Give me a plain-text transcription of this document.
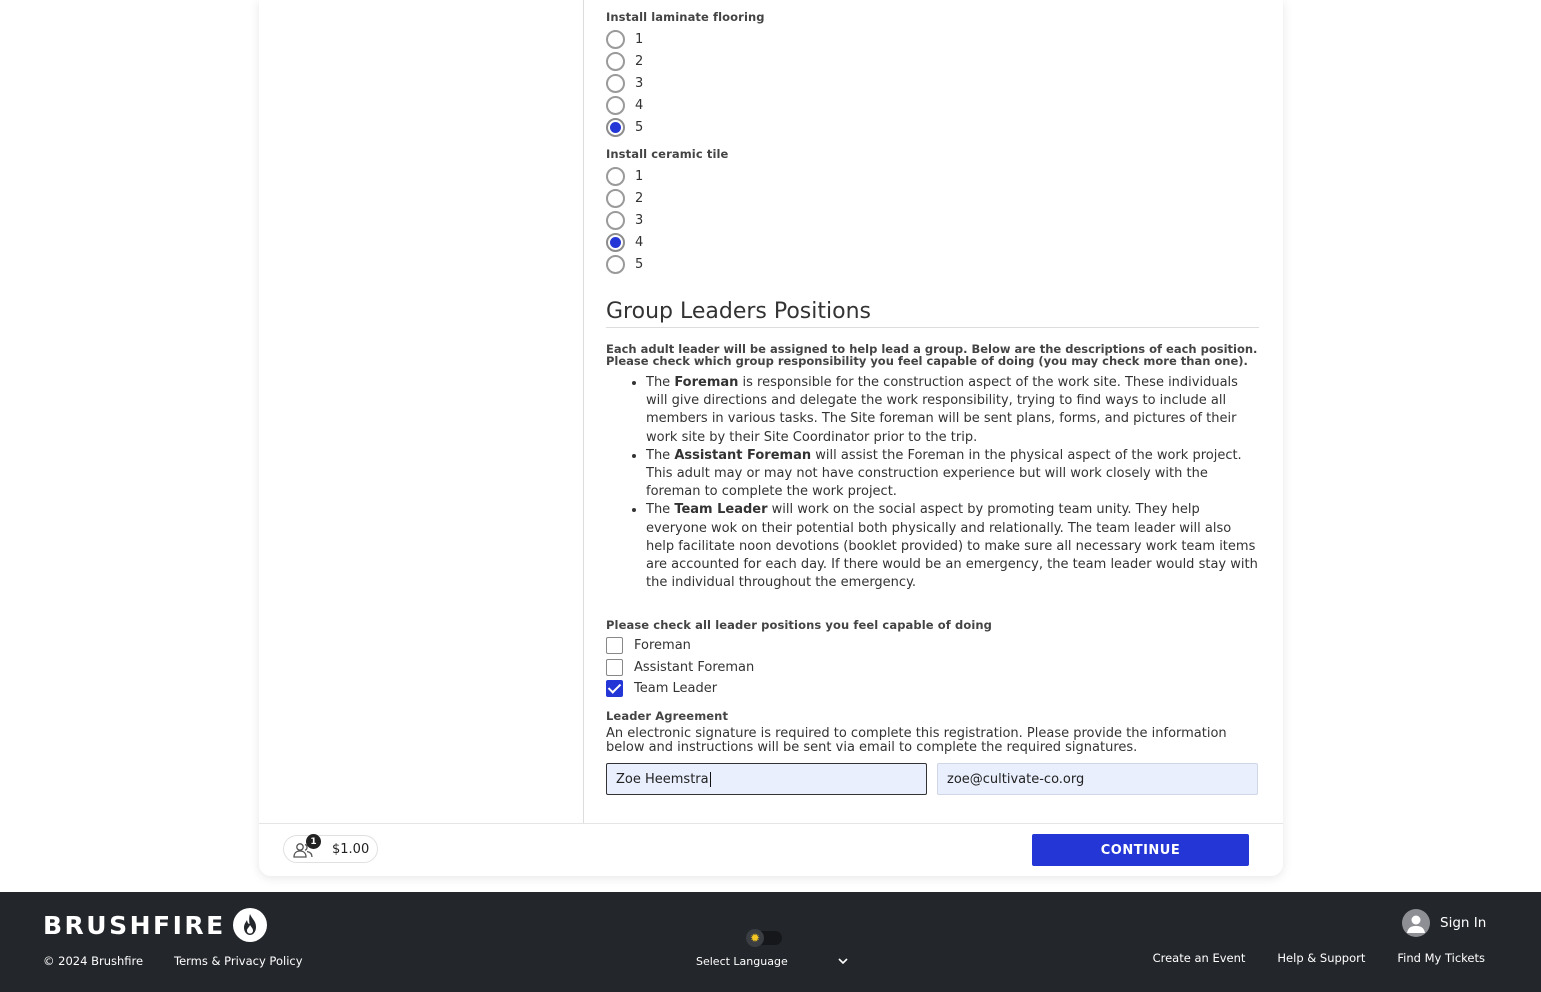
Install laminate flooring
1
2
3
4
5
Install ceramic tile
1
2
3
4
5
Group Leaders Positions
Each adult leader will be assigned to help lead a group. Below are the descriptions of each position.
Please check which group responsibility you feel capable of doing (you may check more than one).
• The Foreman is responsible for the construction aspect of the work site. These individuals will give directions and delegate the work responsibility, trying to find ways to include all members in various tasks. The Site foreman will be sent plans, forms, and pictures of their work site by their Site Coordinator prior to the trip.
• The Assistant Foreman will assist the Foreman in the physical aspect of the work project. This adult may or may not have construction experience but will work closely with the foreman to complete the work project.
• The Team Leader will work on the social aspect by promoting team unity. They help everyone wok on their potential both physically and relationally. The team leader will also help facilitate noon devotions (booklet provided) to make sure all necessary work team items are accounted for each day. If there would be an emergency, the team leader would stay with the individual throughout the emergency.
Please check all leader positions you feel capable of doing
Foreman
Assistant Foreman
Team Leader
Leader Agreement
An electronic signature is required to complete this registration. Please provide the information
below and instructions will be sent via email to complete the required signatures.
Zoe Heemstra	zoe@cultivate-co.org
1
$1.00	CONTINUE
BRUSHFIRE
© 2024 Brushfire	Terms & Privacy Policy
✹
Select Language
Sign In
Create an Event	Help & Support	Find My Tickets
